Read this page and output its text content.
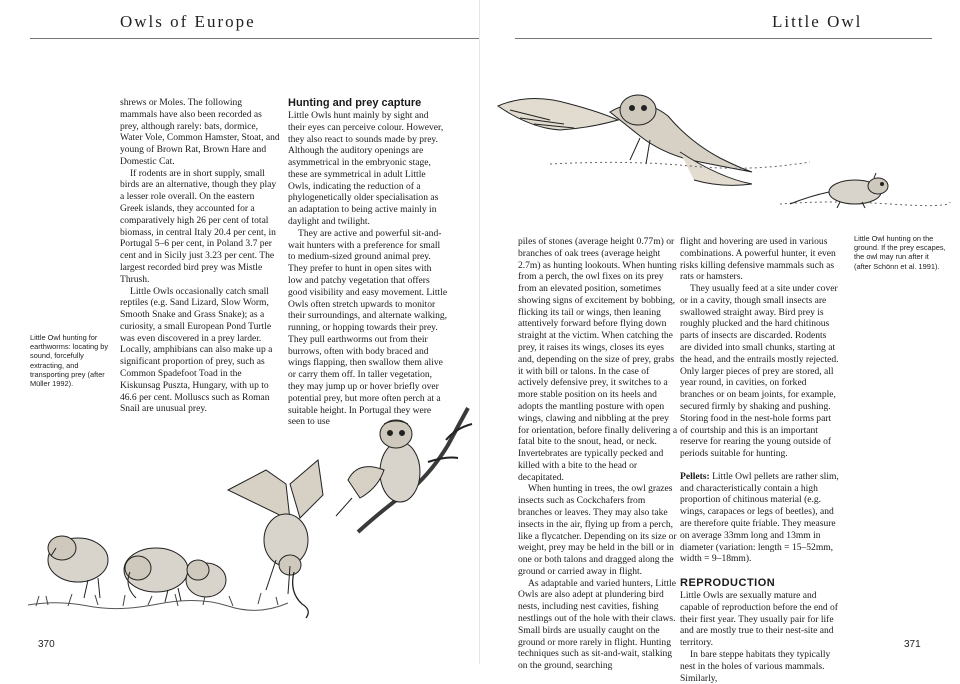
Owls of Europe

shrews or Moles. The following mammals have also been recorded as prey, although rarely: bats, dormice, Water Vole, Common Hamster, Stoat, and young of Brown Rat, Brown Hare and Domestic Cat.

If rodents are in short supply, small birds are an alternative, though they play a lesser role overall. On the eastern Greek islands, they accounted for a comparatively high 26 per cent of total biomass, in central Italy 20.4 per cent, in Portugal 5–6 per cent, in Poland 3.7 per cent and in Sicily just 3.23 per cent. The largest recorded bird prey was Mistle Thrush.

Little Owls occasionally catch small reptiles (e.g. Sand Lizard, Slow Worm, Smooth Snake and Grass Snake); as a curiosity, a small European Pond Turtle was even discovered in a prey larder. Locally, amphibians can also make up a significant proportion of prey, such as Common Spadefoot Toad in the Kiskunsag Puszta, Hungary, with up to 46.6 per cent. Molluscs such as Roman Snail are unusual prey.

Hunting and prey capture

Little Owls hunt mainly by sight and their eyes can perceive colour. However, they also react to sounds made by prey. Although the auditory openings are asymmetrical in the embryonic stage, these are symmetrical in adult Little Owls, indicating the reduction of a phylogenetically older specialisation as an adaptation to being active mainly in daylight and twilight.

They are active and powerful sit-and-wait hunters with a preference for small to medium-sized ground animal prey. They prefer to hunt in open sites with low and patchy vegetation that offers good visibility and easy movement. Little Owls often stretch upwards to monitor their surroundings, and alternate walking, running, or hopping towards their prey. They pull earthworms out from their burrows, often with body braced and wings flapping, then swallow them alive or carry them off. In taller vegetation, they may jump up or hover briefly over potential prey, but more often perch at a suitable height. In Portugal they were seen to use

Little Owl hunting for earthworms: locating by sound, forcefully extracting, and transporting prey (after Müller 1992).
370
Little Owl
Little Owl hunting on the ground. If the prey escapes, the owl may run after it (after Schönn et al. 1991).

piles of stones (average height 0.77m) or branches of oak trees (average height 2.7m) as hunting lookouts. When hunting from a perch, the owl fixes on its prey from an elevated position, sometimes showing signs of excitement by bobbing, flicking its tail or wings, then leaning attentively forward before flying down straight at the victim. When catching the prey, it raises its wings, closes its eyes and, depending on the size of prey, grabs it with bill or talons. In the case of actively defensive prey, it switches to a more stable position on its heels and adopts the mantling posture with open wings, clawing and nibbling at the prey for orientation, before finally delivering a fatal bite to the snout, head, or neck. Invertebrates are typically pecked and killed with a bite to the head or decapitated.

When hunting in trees, the owl grazes insects such as Cockchafers from branches or leaves. They may also take insects in the air, flying up from a perch, like a flycatcher. Depending on its size or weight, prey may be held in the bill or in one or both talons and dragged along the ground or carried away in flight.

As adaptable and varied hunters, Little Owls are also adept at plundering bird nests, including nest cavities, fishing nestlings out of the hole with their claws. Small birds are usually caught on the ground or more rarely in flight. Hunting techniques such as sit-and-wait, stalking on the ground, searching

flight and hovering are used in various combinations. A powerful hunter, it even risks killing defensive mammals such as rats or hamsters.

They usually feed at a site under cover or in a cavity, though small insects are swallowed straight away. Bird prey is roughly plucked and the hard chitinous parts of insects are discarded. Rodents are divided into small chunks, starting at the head, and the entrails mostly rejected. Only larger pieces of prey are stored, all year round, in cavities, on forked branches or on beam joints, for example, secured firmly by shaking and pushing. Storing food in the nest-hole forms part of courtship and this is an important reserve for rearing the young outside of periods suitable for hunting.

Pellets: Little Owl pellets are rather slim, and characteristically contain a high proportion of chitinous material (e.g. wings, carapaces or legs of beetles), and are therefore quite friable. They measure on average 33mm long and 13mm in diameter (variation: length = 15–52mm, width = 9–18mm).

REPRODUCTION

Little Owls are sexually mature and capable of reproduction before the end of their first year. They usually pair for life and are mostly true to their nest-site and territory.

In bare steppe habitats they typically nest in the holes of various mammals. Similarly,

371
